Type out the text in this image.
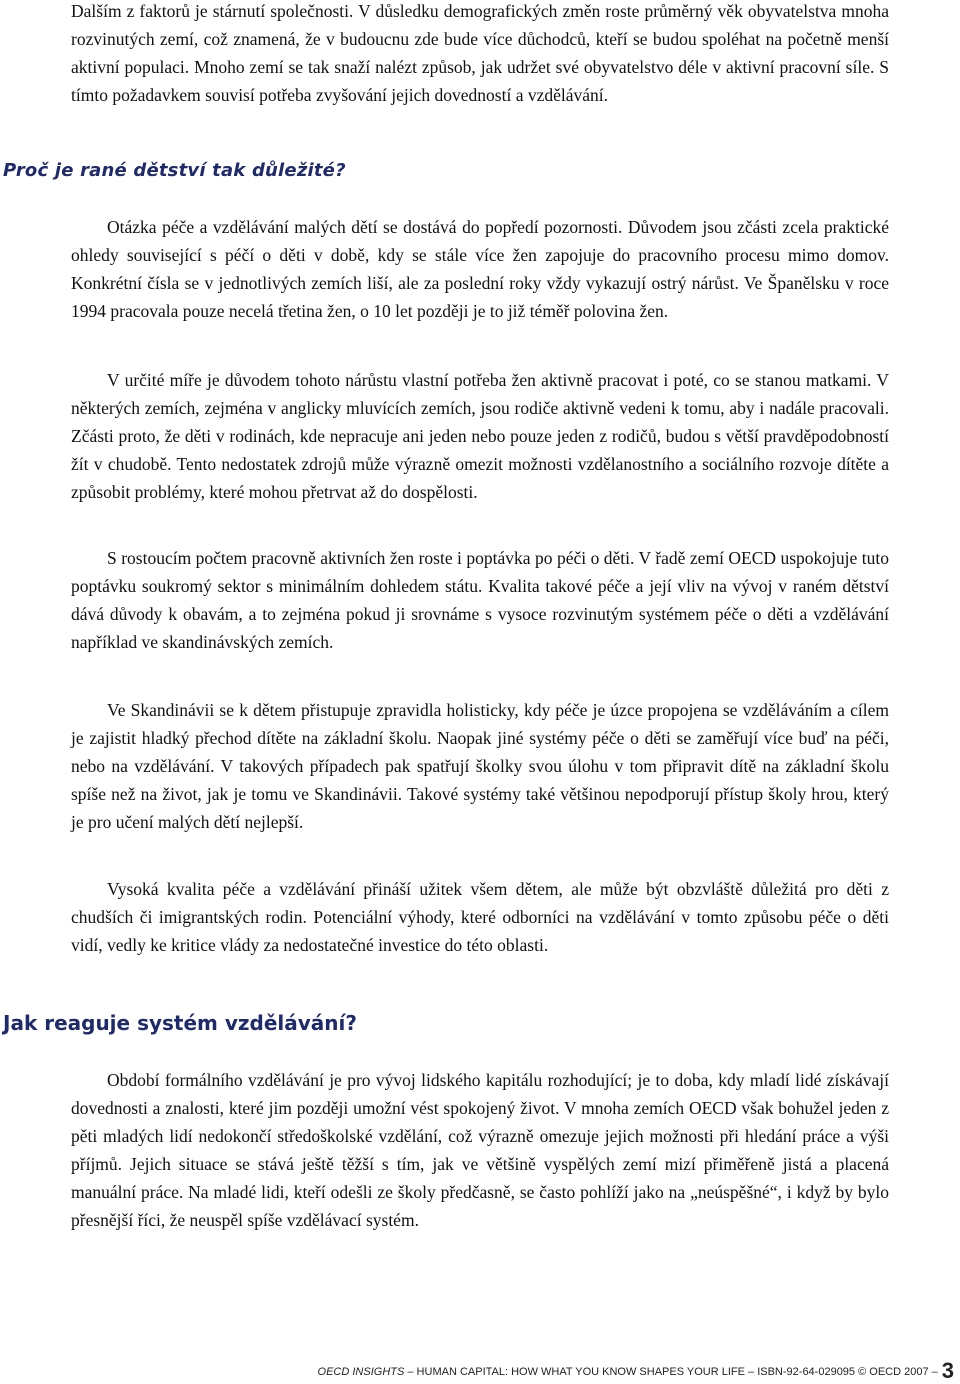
Dalším z faktorů je stárnutí společnosti. V důsledku demografických změn roste průměrný věk obyvatelstva mnoha rozvinutých zemí, což znamená, že v budoucnu zde bude více důchodců, kteří se budou spoléhat na početně menší aktivní populaci. Mnoho zemí se tak snaží nalézt způsob, jak udržet své obyvatelstvo déle v aktivní pracovní síle. S tímto požadavkem souvisí potřeba zvyšování jejich dovedností a vzdělávání.

Proč je rané dětství tak důležité?

Otázka péče a vzdělávání malých dětí se dostává do popředí pozornosti. Důvodem jsou zčásti zcela praktické ohledy související s péčí o děti v době, kdy se stále více žen zapojuje do pracovního procesu mimo domov. Konkrétní čísla se v jednotlivých zemích liší, ale za poslední roky vždy vykazují ostrý nárůst. Ve Španělsku v roce 1994 pracovala pouze necelá třetina žen, o 10 let později je to již téměř polovina žen.

V určité míře je důvodem tohoto nárůstu vlastní potřeba žen aktivně pracovat i poté, co se stanou matkami. V některých zemích, zejména v anglicky mluvících zemích, jsou rodiče aktivně vedeni k tomu, aby i nadále pracovali. Zčásti proto, že děti v rodinách, kde nepracuje ani jeden nebo pouze jeden z rodičů, budou s větší pravděpodobností žít v chudobě. Tento nedostatek zdrojů může výrazně omezit možnosti vzdělanostního a sociálního rozvoje dítěte a způsobit problémy, které mohou přetrvat až do dospělosti.

S rostoucím počtem pracovně aktivních žen roste i poptávka po péči o děti. V řadě zemí OECD uspokojuje tuto poptávku soukromý sektor s minimálním dohledem státu. Kvalita takové péče a její vliv na vývoj v raném dětství dává důvody k obavám, a to zejména pokud ji srovnáme s vysoce rozvinutým systémem péče o děti a vzdělávání například ve skandinávských zemích.

Ve Skandinávii se k dětem přistupuje zpravidla holisticky, kdy péče je úzce propojena se vzděláváním a cílem je zajistit hladký přechod dítěte na základní školu. Naopak jiné systémy péče o děti se zaměřují více buď na péči, nebo na vzdělávání. V takových případech pak spatřují školky svou úlohu v tom připravit dítě na základní školu spíše než na život, jak je tomu ve Skandinávii. Takové systémy také většinou nepodporují přístup školy hrou, který je pro učení malých dětí nejlepší.

Vysoká kvalita péče a vzdělávání přináší užitek všem dětem, ale může být obzvláště důležitá pro děti z chudších či imigrantských rodin. Potenciální výhody, které odborníci na vzdělávání v tomto způsobu péče o děti vidí, vedly ke kritice vlády za nedostatečné investice do této oblasti.

Jak reaguje systém vzdělávání?

Období formálního vzdělávání je pro vývoj lidského kapitálu rozhodující; je to doba, kdy mladí lidé získávají dovednosti a znalosti, které jim později umožní vést spokojený život. V mnoha zemích OECD však bohužel jeden z pěti mladých lidí nedokončí středoškolské vzdělání, což výrazně omezuje jejich možnosti při hledání práce a výši příjmů. Jejich situace se stává ještě těžší s tím, jak ve většině vyspělých zemí mizí přiměřeně jistá a placená manuální práce. Na mladé lidi, kteří odešli ze školy předčasně, se často pohlíží jako na „neúspěšné“, i když by bylo přesnější říci, že neuspěl spíše vzdělávací systém.

OECD INSIGHTS – HUMAN CAPITAL: HOW WHAT YOU KNOW SHAPES YOUR LIFE – ISBN-92-64-029095 © OECD 2007 – 3
